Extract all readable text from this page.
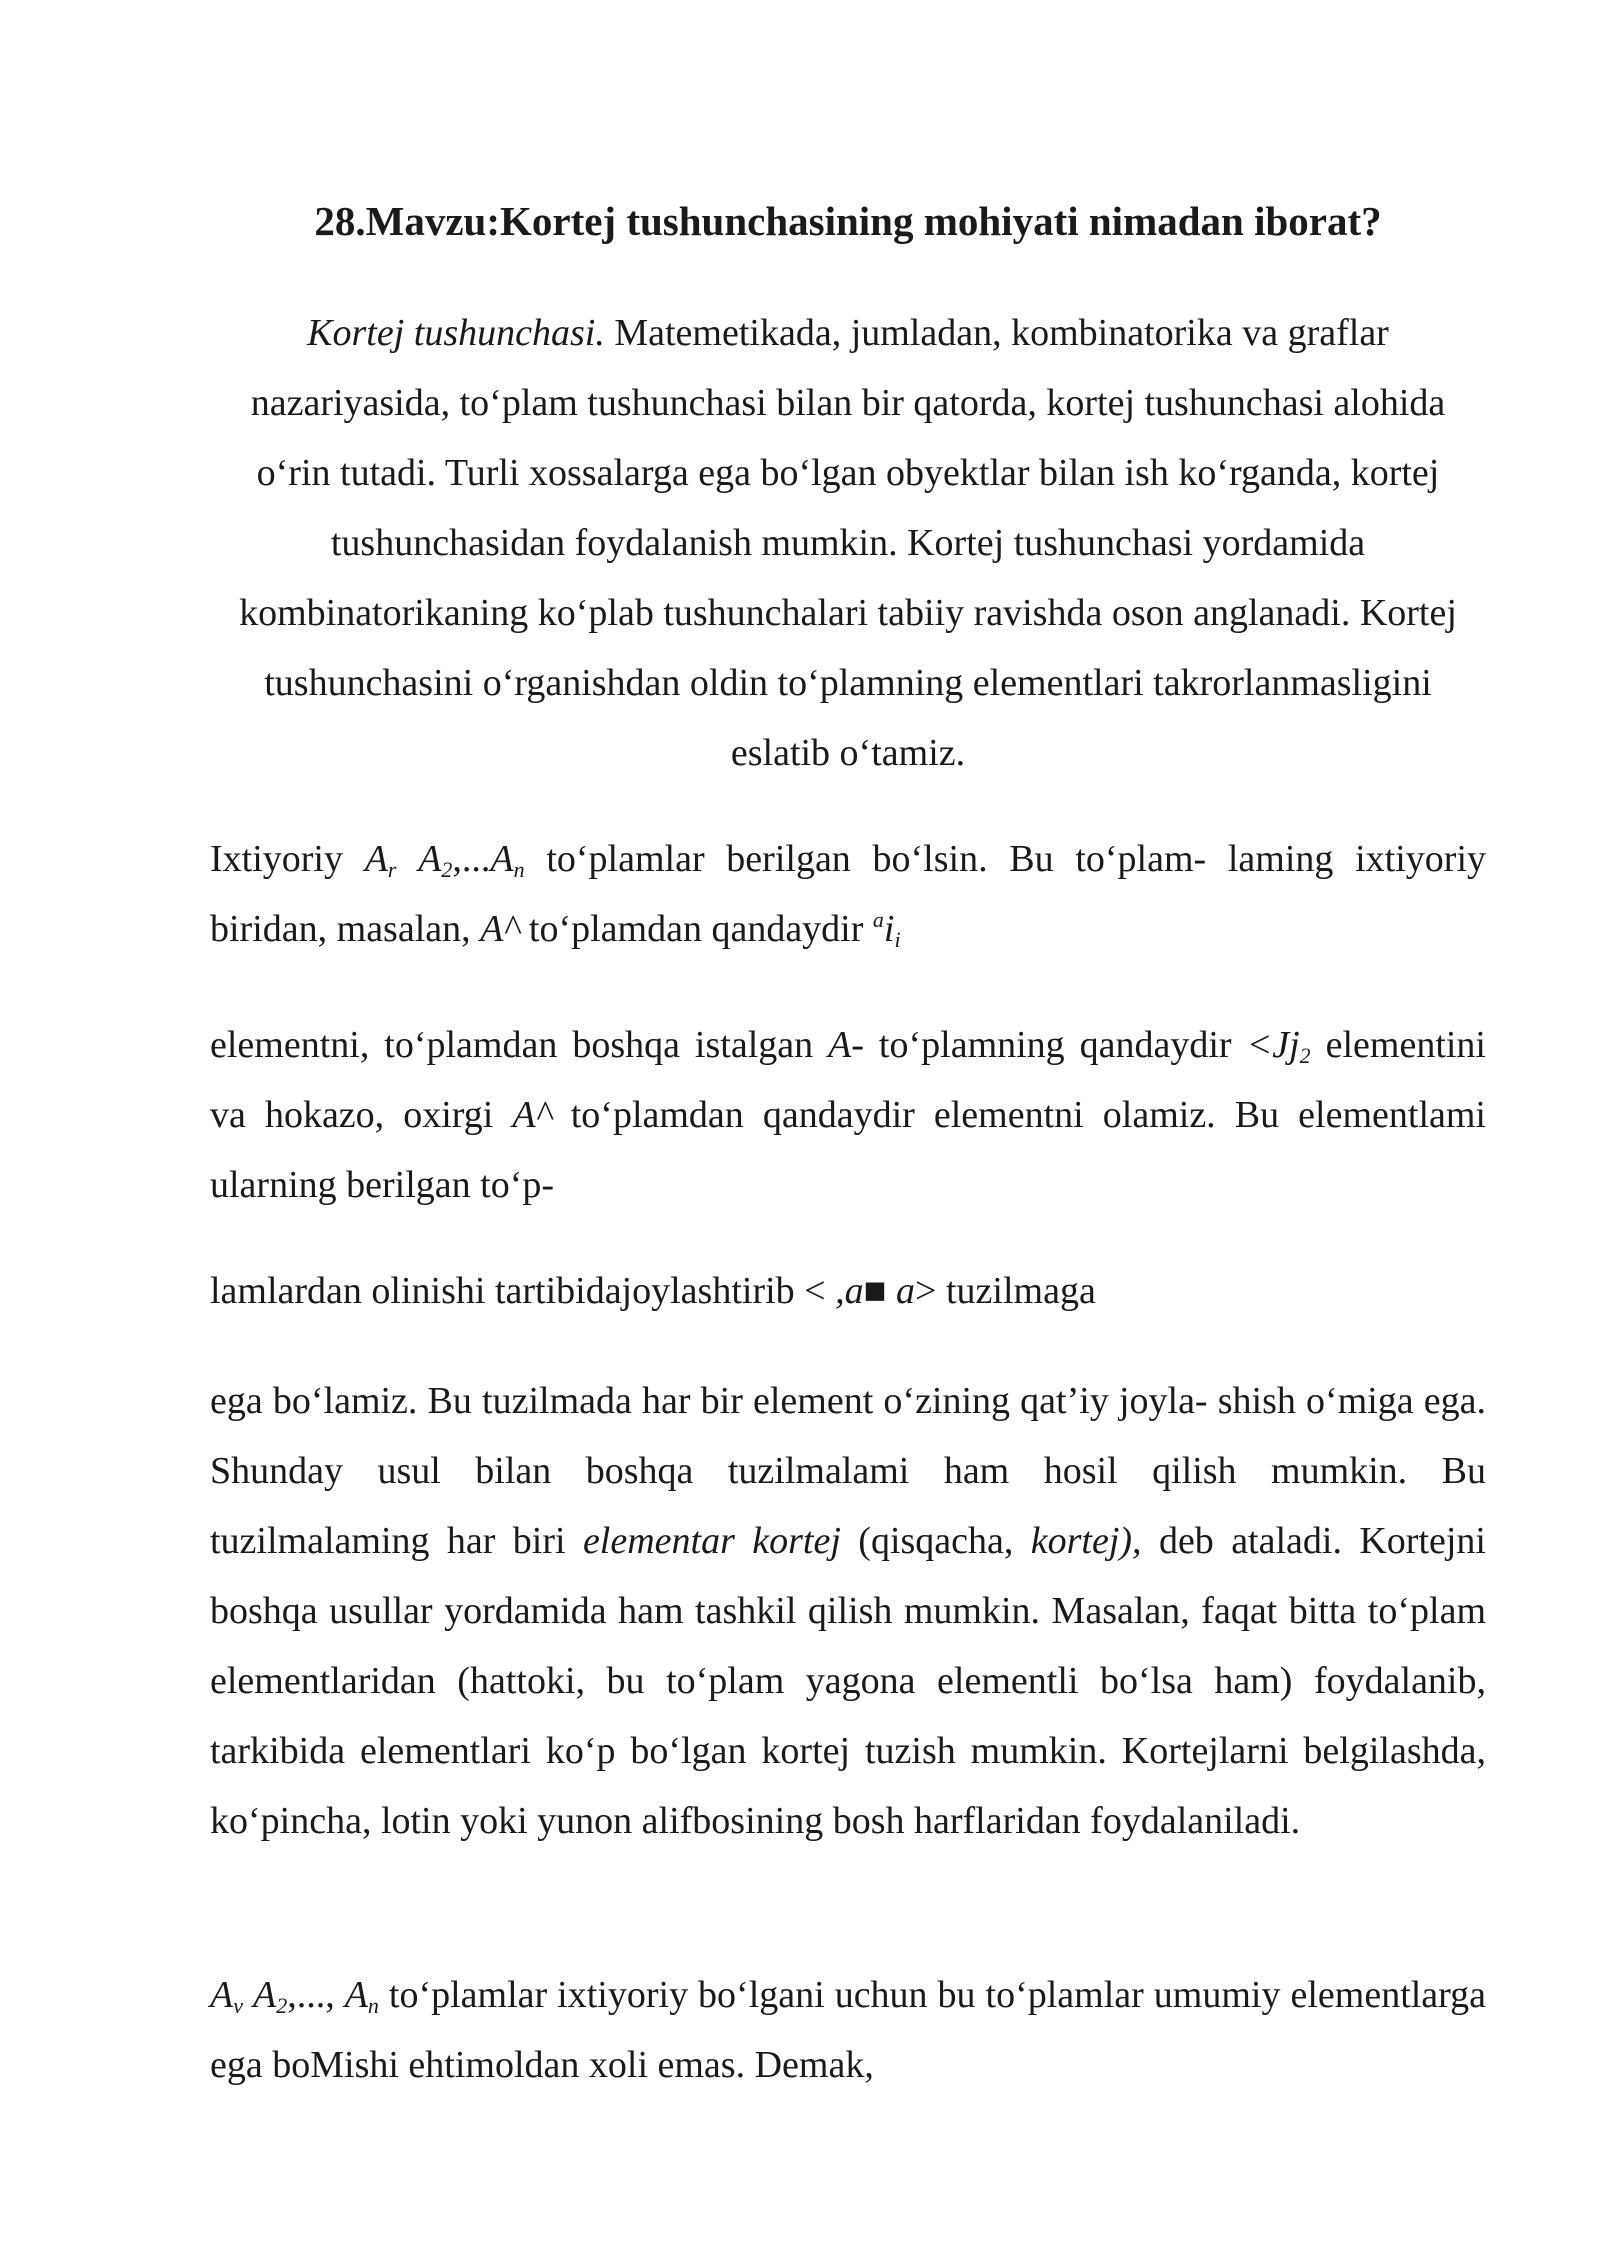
28.Mavzu:Kortej tushunchasining mohiyati nimadan iborat?

Kortej tushunchasi. Matemetikada, jumladan, kombinatorika va graflar nazariyasida, to‘plam tushunchasi bilan bir qatorda, kortej tushunchasi alohida o‘rin tutadi. Turli xossalarga ega bo‘lgan obyektlar bilan ish ko‘rganda, kortej tushunchasidan foydalanish mumkin. Kortej tushunchasi yordamida kombinatorikaning ko‘plab tushunchalari tabiiy ravishda oson anglanadi. Kortej tushunchasini o‘rganishdan oldin to‘plamning elementlari takrorlanmasligini eslatib o‘tamiz.

Ixtiyoriy $A_r$ $A_2,...A_n$ to‘plamlar berilgan bo‘lsin. Bu to‘plam- laming ixtiyoriy biridan, masalan, A^ to‘plamdan qandaydir $^ai_i$

elementni, to‘plamdan boshqa istalgan A- to‘plamning qandaydir $<Jj_2$ elementini va hokazo, oxirgi A^ to‘plamdan qandaydir elementni olamiz. Bu elementlami ularning berilgan to‘p-

lamlardan olinishi tartibidajoylashtirib < ,a■ a> tuzilmaga

ega bo‘lamiz. Bu tuzilmada har bir element o‘zining qat’iy joyla- shish o‘miga ega. Shunday usul bilan boshqa tuzilmalami ham hosil qilish mumkin. Bu tuzilmalaming har biri elementar kortej (qisqacha, kortej), deb ataladi. Kortejni boshqa usullar yordamida ham tashkil qilish mumkin. Masalan, faqat bitta to‘plam elementlaridan (hattoki, bu to‘plam yagona elementli bo‘lsa ham) foydalanib, tarkibida elementlari ko‘p bo‘lgan kortej tuzish mumkin. Kortejlarni belgilashda, ko‘pincha, lotin yoki yunon alifbosining bosh harflaridan foydalaniladi.

$A_v$ $A_2$,..., $A_n$ to‘plamlar ixtiyoriy bo‘lgani uchun bu to‘plamlar umumiy elementlarga ega boMishi ehtimoldan xoli emas. Demak,
